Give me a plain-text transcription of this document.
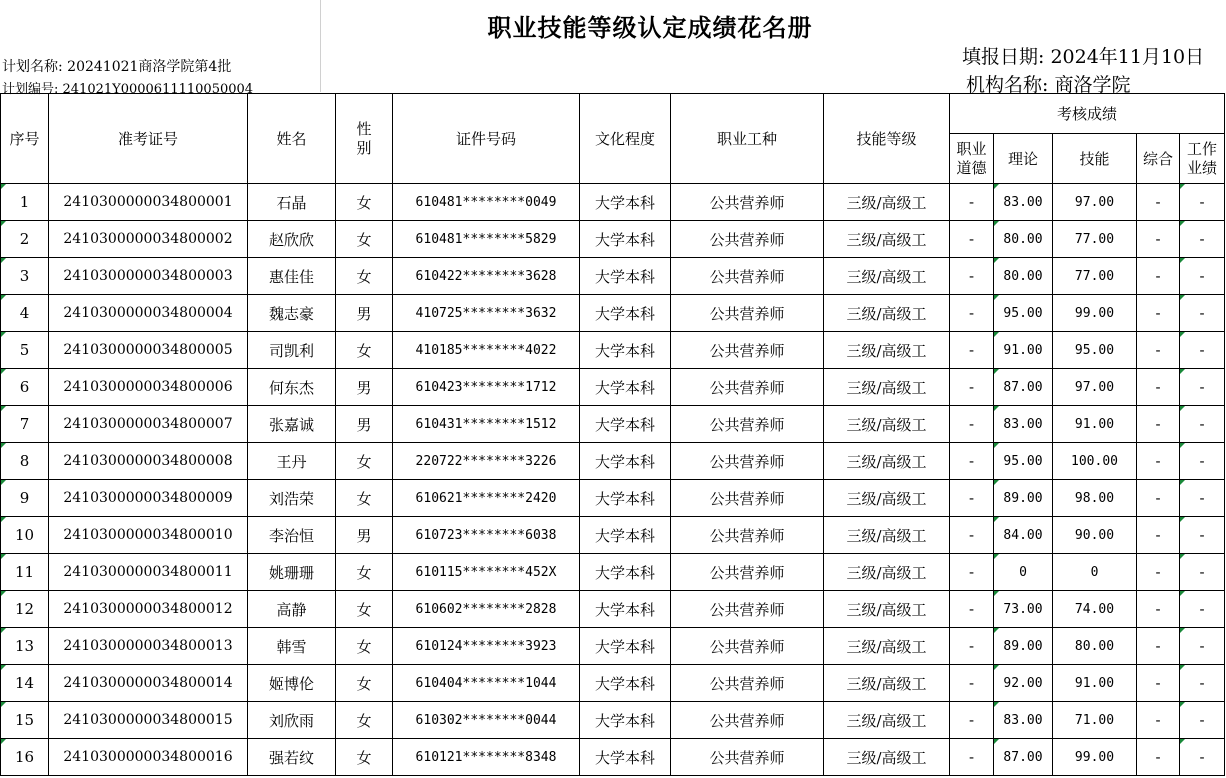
职业技能等级认定成绩花名册
计划名称: 20241021商洛学院第4批
计划编号: 241021Y0000611110050004
填报日期: 2024年11月10日
机构名称: 商洛学院
序号	准考证号	姓名	性别	证件号码	文化程度	职业工种	技能等级	考核成绩				
								职业道德	理论	技能	综合	工作业绩
1	2410300000034800001	石晶	女	610481********0049	大学本科	公共营养师	三级/高级工	-	83.00	97.00	-	-
2	2410300000034800002	赵欣欣	女	610481********5829	大学本科	公共营养师	三级/高级工	-	80.00	77.00	-	-
3	2410300000034800003	惠佳佳	女	610422********3628	大学本科	公共营养师	三级/高级工	-	80.00	77.00	-	-
4	2410300000034800004	魏志豪	男	410725********3632	大学本科	公共营养师	三级/高级工	-	95.00	99.00	-	-
5	2410300000034800005	司凯利	女	410185********4022	大学本科	公共营养师	三级/高级工	-	91.00	95.00	-	-
6	2410300000034800006	何东杰	男	610423********1712	大学本科	公共营养师	三级/高级工	-	87.00	97.00	-	-
7	2410300000034800007	张嘉诚	男	610431********1512	大学本科	公共营养师	三级/高级工	-	83.00	91.00	-	-
8	2410300000034800008	王丹	女	220722********3226	大学本科	公共营养师	三级/高级工	-	95.00	100.00	-	-
9	2410300000034800009	刘浩荣	女	610621********2420	大学本科	公共营养师	三级/高级工	-	89.00	98.00	-	-
10	2410300000034800010	李治恒	男	610723********6038	大学本科	公共营养师	三级/高级工	-	84.00	90.00	-	-
11	2410300000034800011	姚珊珊	女	610115********452X	大学本科	公共营养师	三级/高级工	-	0	0	-	-
12	2410300000034800012	高静	女	610602********2828	大学本科	公共营养师	三级/高级工	-	73.00	74.00	-	-
13	2410300000034800013	韩雪	女	610124********3923	大学本科	公共营养师	三级/高级工	-	89.00	80.00	-	-
14	2410300000034800014	姬博伦	女	610404********1044	大学本科	公共营养师	三级/高级工	-	92.00	91.00	-	-
15	2410300000034800015	刘欣雨	女	610302********0044	大学本科	公共营养师	三级/高级工	-	83.00	71.00	-	-
16	2410300000034800016	强若纹	女	610121********8348	大学本科	公共营养师	三级/高级工	-	87.00	99.00	-	-
